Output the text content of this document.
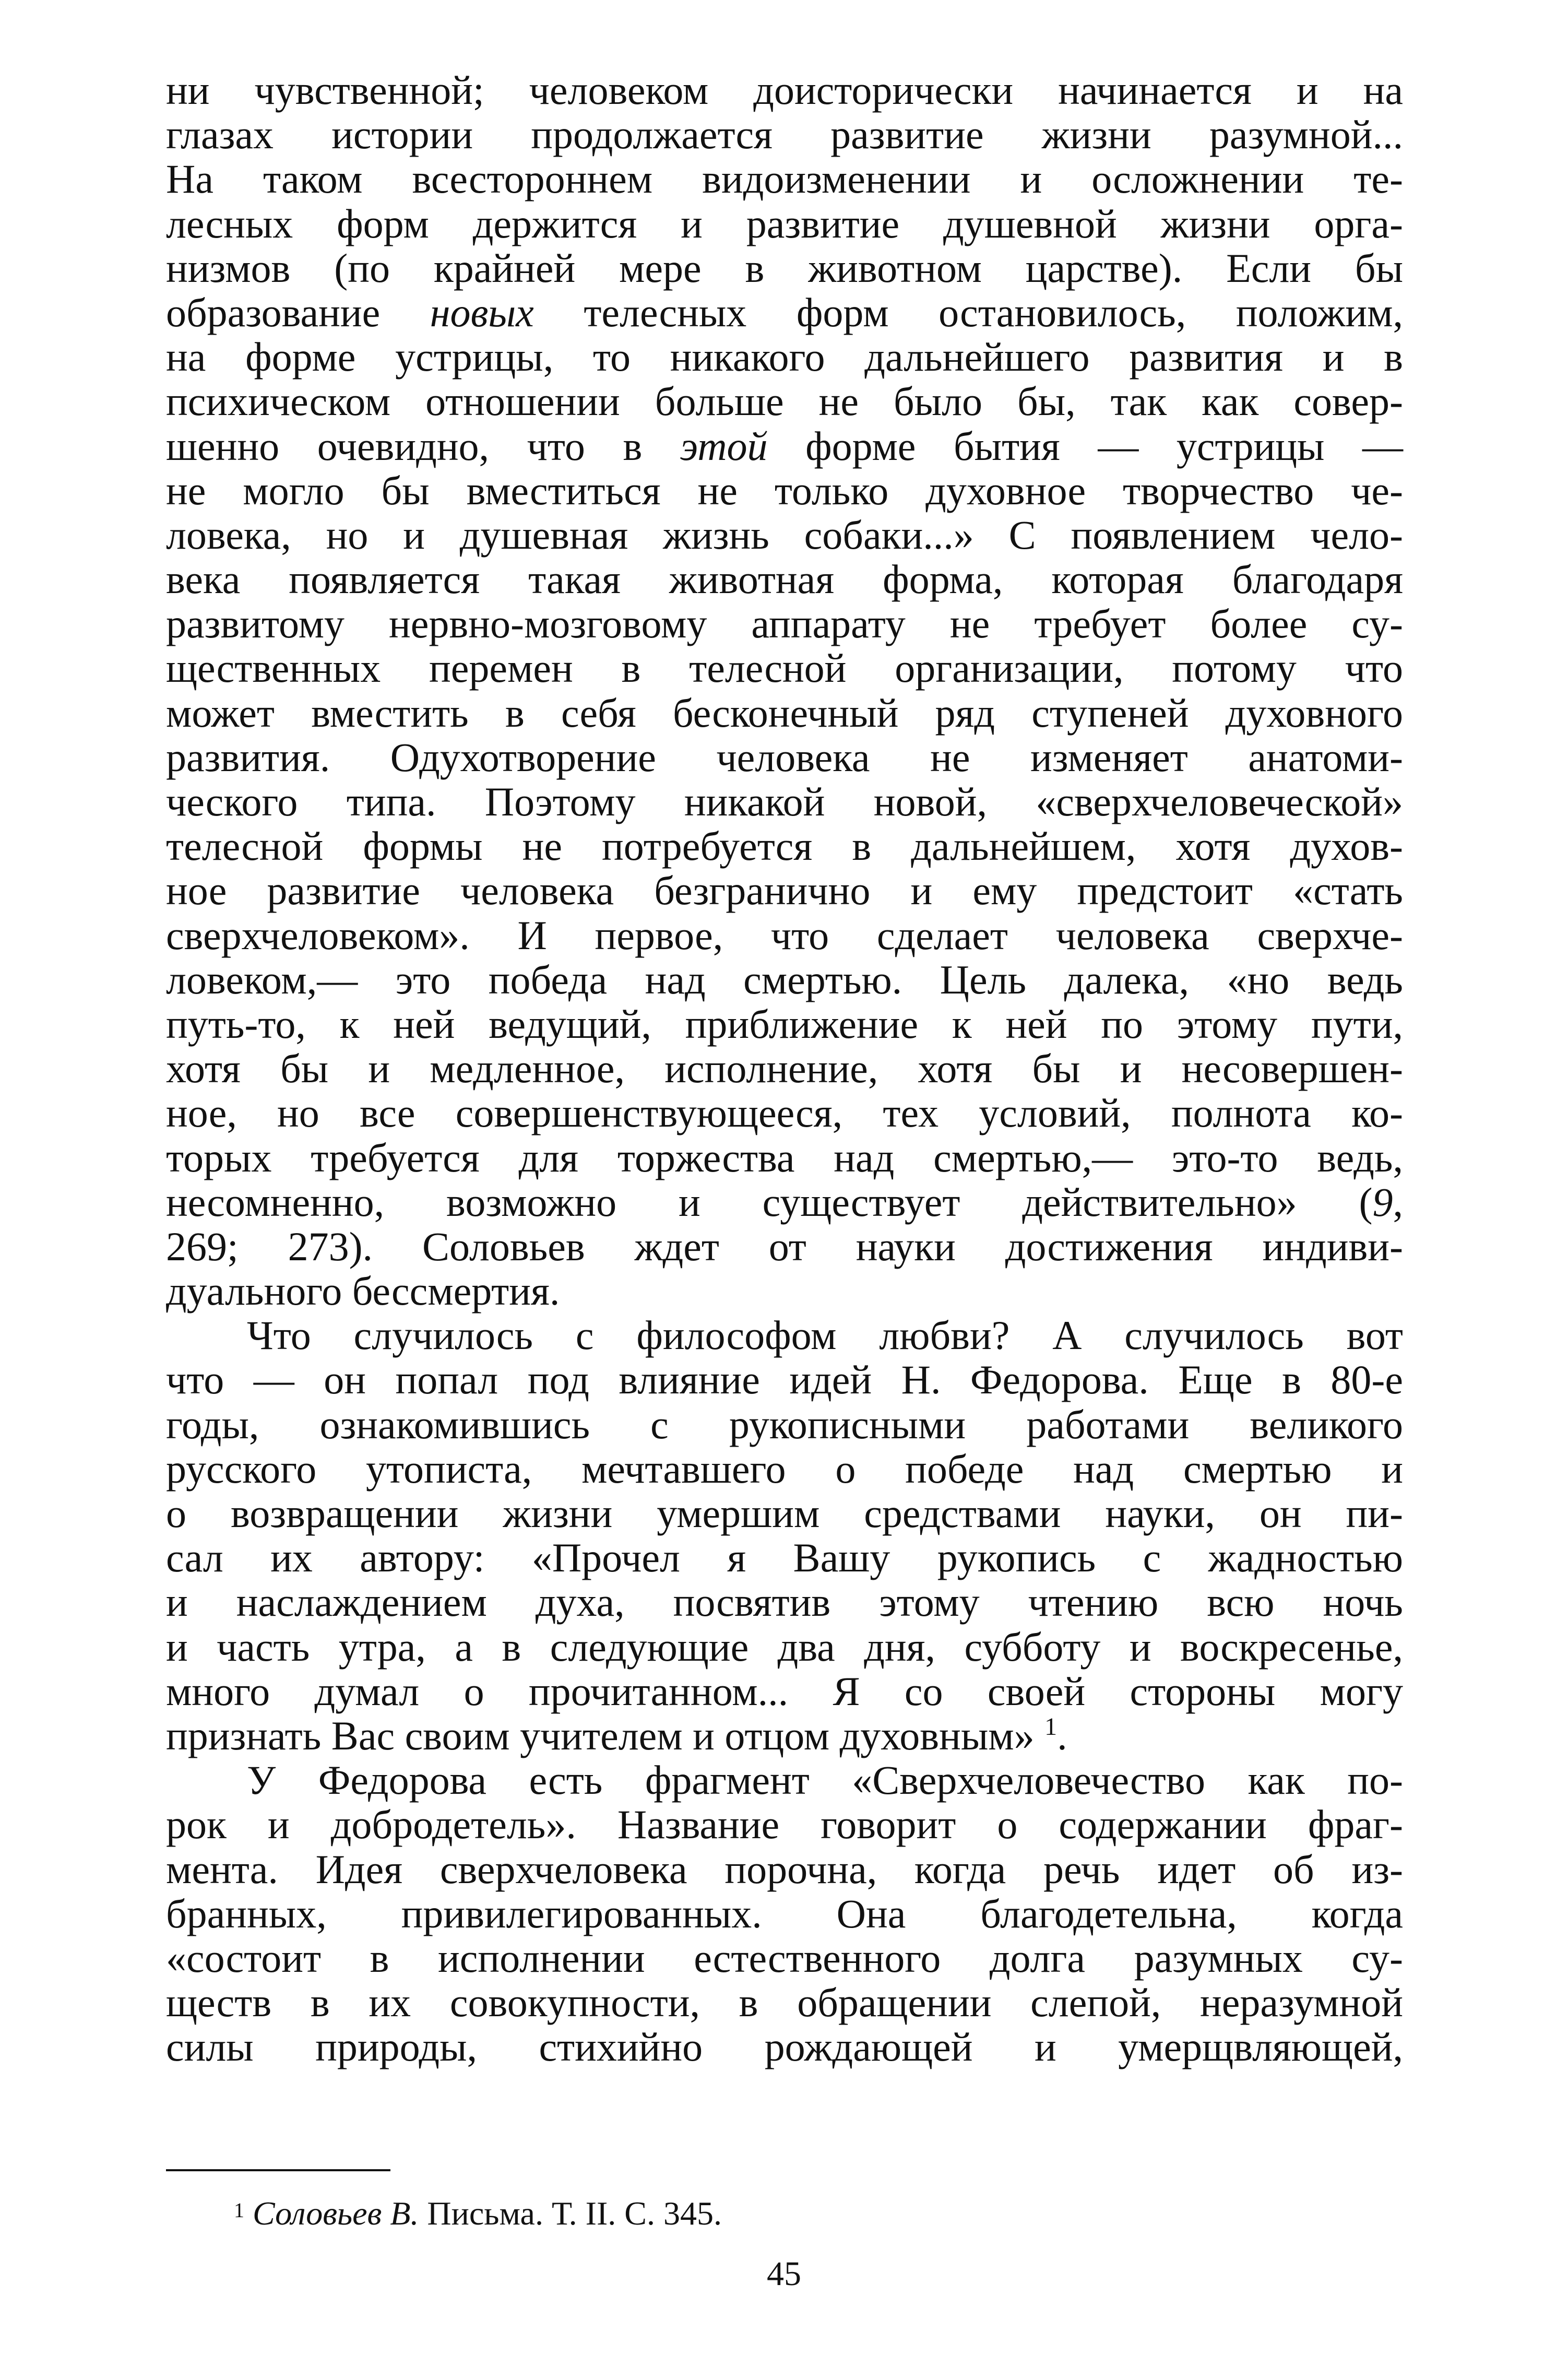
ни чувственной; человеком доисторически начинается и на
глазах истории продолжается развитие жизни разумной...
На таком всестороннем видоизменении и осложнении те-
лесных форм держится и развитие душевной жизни орга-
низмов (по крайней мере в животном царстве). Если бы
образование новых телесных форм остановилось, положим,
на форме устрицы, то никакого дальнейшего развития и в
психическом отношении больше не было бы, так как совер-
шенно очевидно, что в этой форме бытия — устрицы —
не могло бы вместиться не только духовное творчество че-
ловека, но и душевная жизнь собаки...» С появлением чело-
века появляется такая животная форма, которая благодаря
развитому нервно-мозговому аппарату не требует более су-
щественных перемен в телесной организации, потому что
может вместить в себя бесконечный ряд ступеней духовного
развития. Одухотворение человека не изменяет анатоми-
ческого типа. Поэтому никакой новой, «сверхчеловеческой»
телесной формы не потребуется в дальнейшем, хотя духов-
ное развитие человека безгранично и ему предстоит «стать
сверхчеловеком». И первое, что сделает человека сверхче-
ловеком,— это победа над смертью. Цель далека, «но ведь
путь-то, к ней ведущий, приближение к ней по этому пути,
хотя бы и медленное, исполнение, хотя бы и несовершен-
ное, но все совершенствующееся, тех условий, полнота ко-
торых требуется для торжества над смертью,— это-то ведь,
несомненно, возможно и существует действительно» (9,
269; 273). Соловьев ждет от науки достижения индиви-
дуального бессмертия.
Что случилось с философом любви? А случилось вот
что — он попал под влияние идей Н. Федорова. Еще в 80-е
годы, ознакомившись с рукописными работами великого
русского утописта, мечтавшего о победе над смертью и
о возвращении жизни умершим средствами науки, он пи-
сал их автору: «Прочел я Вашу рукопись с жадностью
и наслаждением духа, посвятив этому чтению всю ночь
и часть утра, а в следующие два дня, субботу и воскресенье,
много думал о прочитанном... Я со своей стороны могу
признать Вас своим учителем и отцом духовным» $^1$.
У Федорова есть фрагмент «Сверхчеловечество как по-
рок и добродетель». Название говорит о содержании фраг-
мента. Идея сверхчеловека порочна, когда речь идет об из-
бранных, привилегированных. Она благодетельна, когда
«состоит в исполнении естественного долга разумных су-
ществ в их совокупности, в обращении слепой, неразумной
силы природы, стихийно рождающей и умерщвляющей,
$^1$ Соловьев В. Письма. Т. II. С. 345.
45
